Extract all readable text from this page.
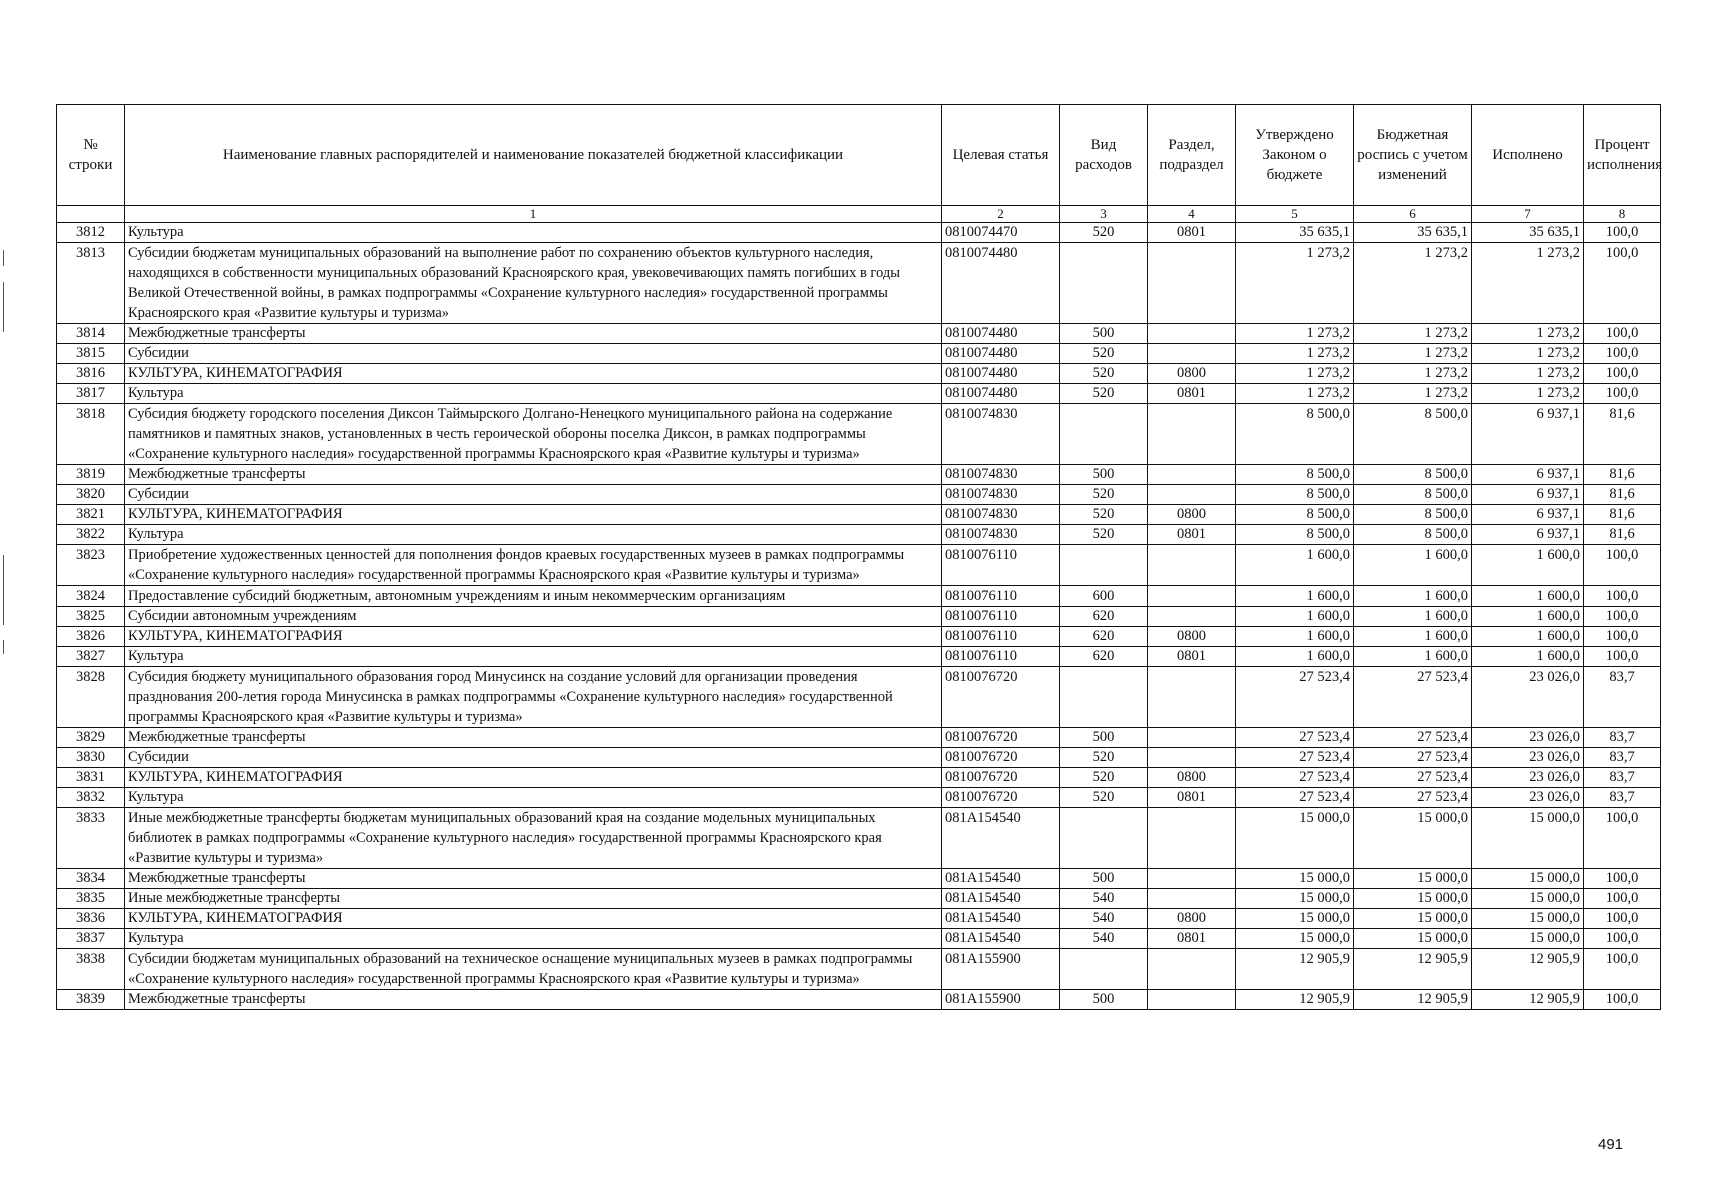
№ строки	Наименование главных распорядителей и наименование показателей бюджетной классификации	Целевая статья	Вид расходов	Раздел, подраздел	Утверждено Законом о бюджете	Бюджетная роспись с учетом изменений	Исполнено	Процент исполнения
	1	2	3	4	5	6	7	8
3812	Культура	0810074470	520	0801	35 635,1	35 635,1	35 635,1	100,0
3813	Субсидии бюджетам муниципальных образований на выполнение работ по сохранению объектов культурного наследия, находящихся в собственности муниципальных образований Красноярского края, увековечивающих память погибших в годы Великой Отечественной войны, в рамках подпрограммы «Сохранение культурного наследия» государственной программы Красноярского края «Развитие культуры и туризма»	0810074480			1 273,2	1 273,2	1 273,2	100,0
3814	Межбюджетные трансферты	0810074480	500		1 273,2	1 273,2	1 273,2	100,0
3815	Субсидии	0810074480	520		1 273,2	1 273,2	1 273,2	100,0
3816	КУЛЬТУРА, КИНЕМАТОГРАФИЯ	0810074480	520	0800	1 273,2	1 273,2	1 273,2	100,0
3817	Культура	0810074480	520	0801	1 273,2	1 273,2	1 273,2	100,0
3818	Субсидия бюджету городского поселения Диксон Таймырского Долгано-Ненецкого муниципального района на содержание памятников и памятных знаков, установленных в честь героической обороны поселка Диксон, в рамках подпрограммы «Сохранение культурного наследия» государственной программы Красноярского края «Развитие культуры и туризма»	0810074830			8 500,0	8 500,0	6 937,1	81,6
3819	Межбюджетные трансферты	0810074830	500		8 500,0	8 500,0	6 937,1	81,6
3820	Субсидии	0810074830	520		8 500,0	8 500,0	6 937,1	81,6
3821	КУЛЬТУРА, КИНЕМАТОГРАФИЯ	0810074830	520	0800	8 500,0	8 500,0	6 937,1	81,6
3822	Культура	0810074830	520	0801	8 500,0	8 500,0	6 937,1	81,6
3823	Приобретение художественных ценностей для пополнения фондов краевых государственных музеев в рамках подпрограммы «Сохранение культурного наследия» государственной программы Красноярского края «Развитие культуры и туризма»	0810076110			1 600,0	1 600,0	1 600,0	100,0
3824	Предоставление субсидий бюджетным, автономным учреждениям и иным некоммерческим организациям	0810076110	600		1 600,0	1 600,0	1 600,0	100,0
3825	Субсидии автономным учреждениям	0810076110	620		1 600,0	1 600,0	1 600,0	100,0
3826	КУЛЬТУРА, КИНЕМАТОГРАФИЯ	0810076110	620	0800	1 600,0	1 600,0	1 600,0	100,0
3827	Культура	0810076110	620	0801	1 600,0	1 600,0	1 600,0	100,0
3828	Субсидия бюджету муниципального образования город Минусинск на создание условий для организации проведения празднования 200-летия города Минусинска в рамках подпрограммы «Сохранение культурного наследия» государственной программы Красноярского края «Развитие культуры и туризма»	0810076720			27 523,4	27 523,4	23 026,0	83,7
3829	Межбюджетные трансферты	0810076720	500		27 523,4	27 523,4	23 026,0	83,7
3830	Субсидии	0810076720	520		27 523,4	27 523,4	23 026,0	83,7
3831	КУЛЬТУРА, КИНЕМАТОГРАФИЯ	0810076720	520	0800	27 523,4	27 523,4	23 026,0	83,7
3832	Культура	0810076720	520	0801	27 523,4	27 523,4	23 026,0	83,7
3833	Иные межбюджетные трансферты бюджетам муниципальных образований края на создание модельных муниципальных библиотек в рамках подпрограммы «Сохранение культурного наследия» государственной программы Красноярского края «Развитие культуры и туризма»	081A154540			15 000,0	15 000,0	15 000,0	100,0
3834	Межбюджетные трансферты	081A154540	500		15 000,0	15 000,0	15 000,0	100,0
3835	Иные межбюджетные трансферты	081A154540	540		15 000,0	15 000,0	15 000,0	100,0
3836	КУЛЬТУРА, КИНЕМАТОГРАФИЯ	081A154540	540	0800	15 000,0	15 000,0	15 000,0	100,0
3837	Культура	081A154540	540	0801	15 000,0	15 000,0	15 000,0	100,0
3838	Субсидии бюджетам муниципальных образований на техническое оснащение муниципальных музеев в рамках подпрограммы «Сохранение культурного наследия» государственной программы Красноярского края «Развитие культуры и туризма»	081A155900			12 905,9	12 905,9	12 905,9	100,0
3839	Межбюджетные трансферты	081A155900	500		12 905,9	12 905,9	12 905,9	100,0
491
